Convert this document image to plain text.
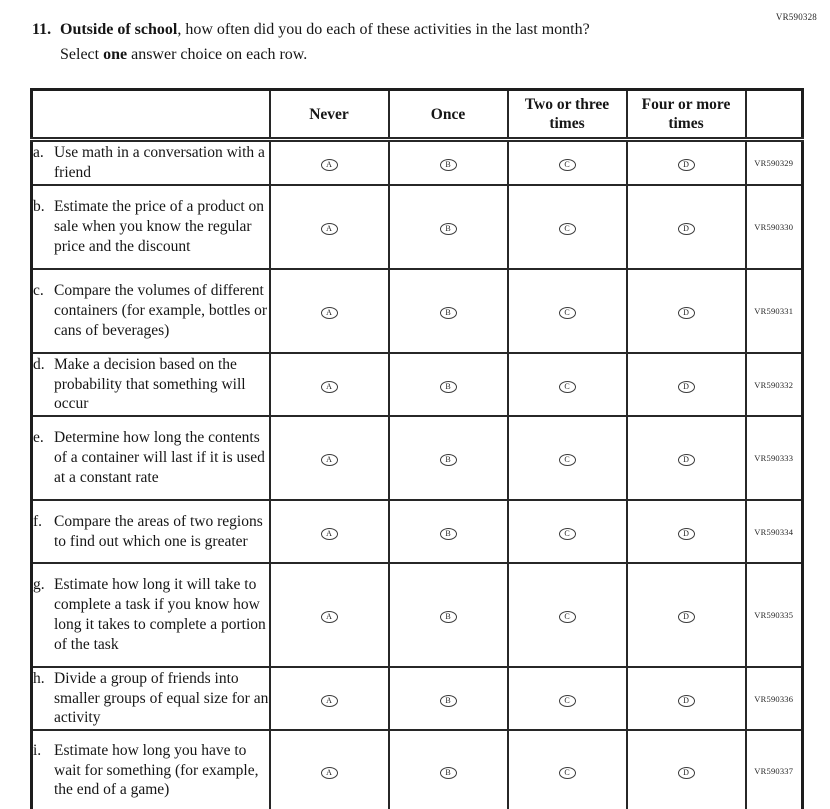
VR590328
11. Outside of school, how often did you do each of these activities in the last month?
Select one answer choice on each row.
	Never	Once	Two or three times	Four or more times	

a. Use math in a conversation with a friend	A	B	C	D	VR590329

b. Estimate the price of a product on sale when you know the regular price and the discount	A	B	C	D	VR590330

c. Compare the volumes of different containers (for example, bottles or cans of beverages)	A	B	C	D	VR590331

d. Make a decision based on the probability that something will occur	A	B	C	D	VR590332

e. Determine how long the contents of a container will last if it is used at a constant rate	A	B	C	D	VR590333

f. Compare the areas of two regions to find out which one is greater	A	B	C	D	VR590334

g. Estimate how long it will take to complete a task if you know how long it takes to complete a portion of the task	A	B	C	D	VR590335

h. Divide a group of friends into smaller groups of equal size for an activity	A	B	C	D	VR590336

i. Estimate how long you have to wait for something (for example, the end of a game)	A	B	C	D	VR590337
